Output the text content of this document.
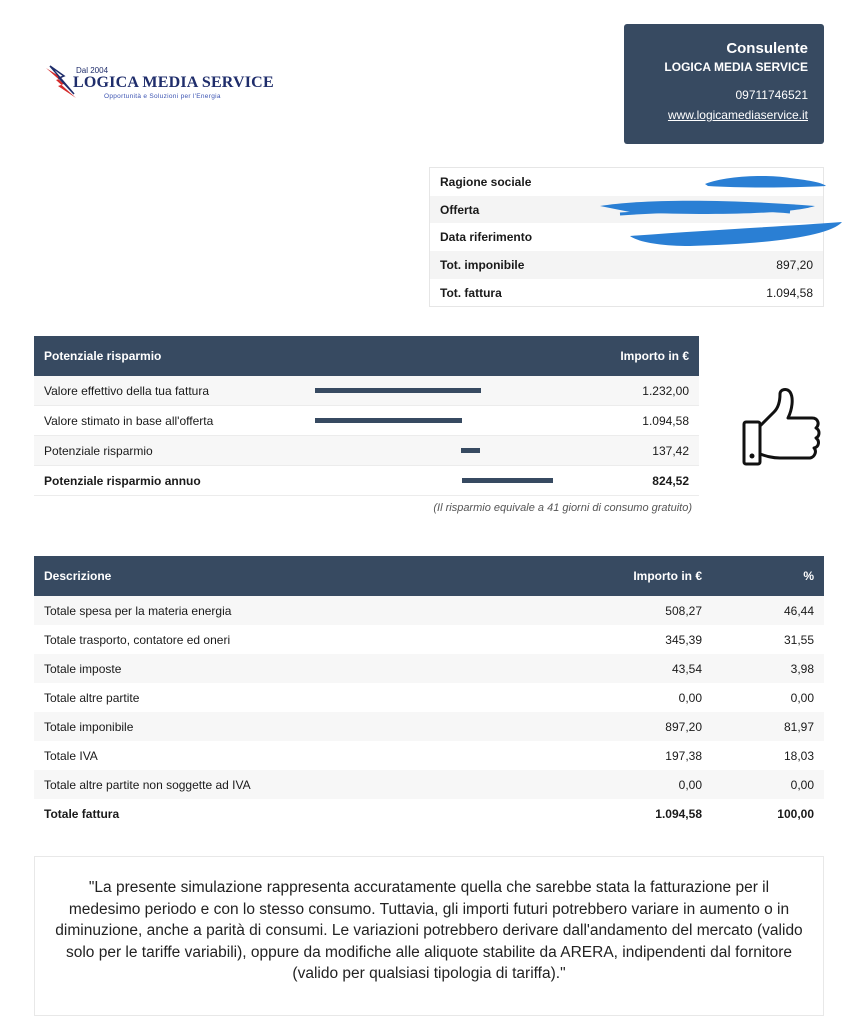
Dal 2004
LOGICA MEDIA SERVICE
Opportunità e Soluzioni per l'Energia
Consulente
LOGICA MEDIA SERVICE
09711746521
www.logicamediaservice.it
Ragione sociale
Offerta
Data riferimento
Tot. imponibile	897,20
Tot. fattura	1.094,58
Potenziale risparmio	Importo in €
Valore effettivo della tua fattura	1.232,00
Valore stimato in base all'offerta	1.094,58
Potenziale risparmio	137,42
Potenziale risparmio annuo	824,52
(Il risparmio equivale a 41 giorni di consumo gratuito)
Descrizione	Importo in €	%
Totale spesa per la materia energia	508,27	46,44
Totale trasporto, contatore ed oneri	345,39	31,55
Totale imposte	43,54	3,98
Totale altre partite	0,00	0,00
Totale imponibile	897,20	81,97
Totale IVA	197,38	18,03
Totale altre partite non soggette ad IVA	0,00	0,00
Totale fattura	1.094,58	100,00
"La presente simulazione rappresenta accuratamente quella che sarebbe stata la fatturazione per il medesimo periodo e con lo stesso consumo. Tuttavia, gli importi futuri potrebbero variare in aumento o in diminuzione, anche a parità di consumi. Le variazioni potrebbero derivare dall'andamento del mercato (valido solo per le tariffe variabili), oppure da modifiche alle aliquote stabilite da ARERA, indipendenti dal fornitore (valido per qualsiasi tipologia di tariffa)."
